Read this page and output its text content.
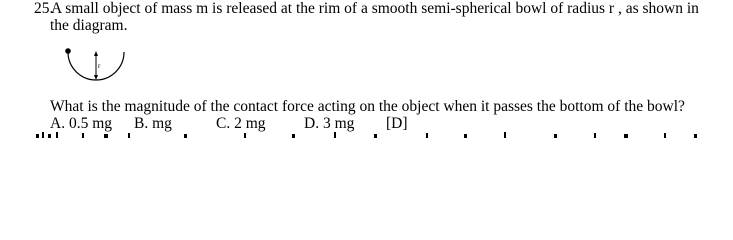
25. A small object of mass m is released at the rim of a smooth semi-spherical bowl of radius r , as shown in
the diagram.
r
What is the magnitude of the contact force acting on the object when it passes the bottom of the bowl?
A. 0.5 mg B. mg	C. 2 mg D. 3 mg [D]
